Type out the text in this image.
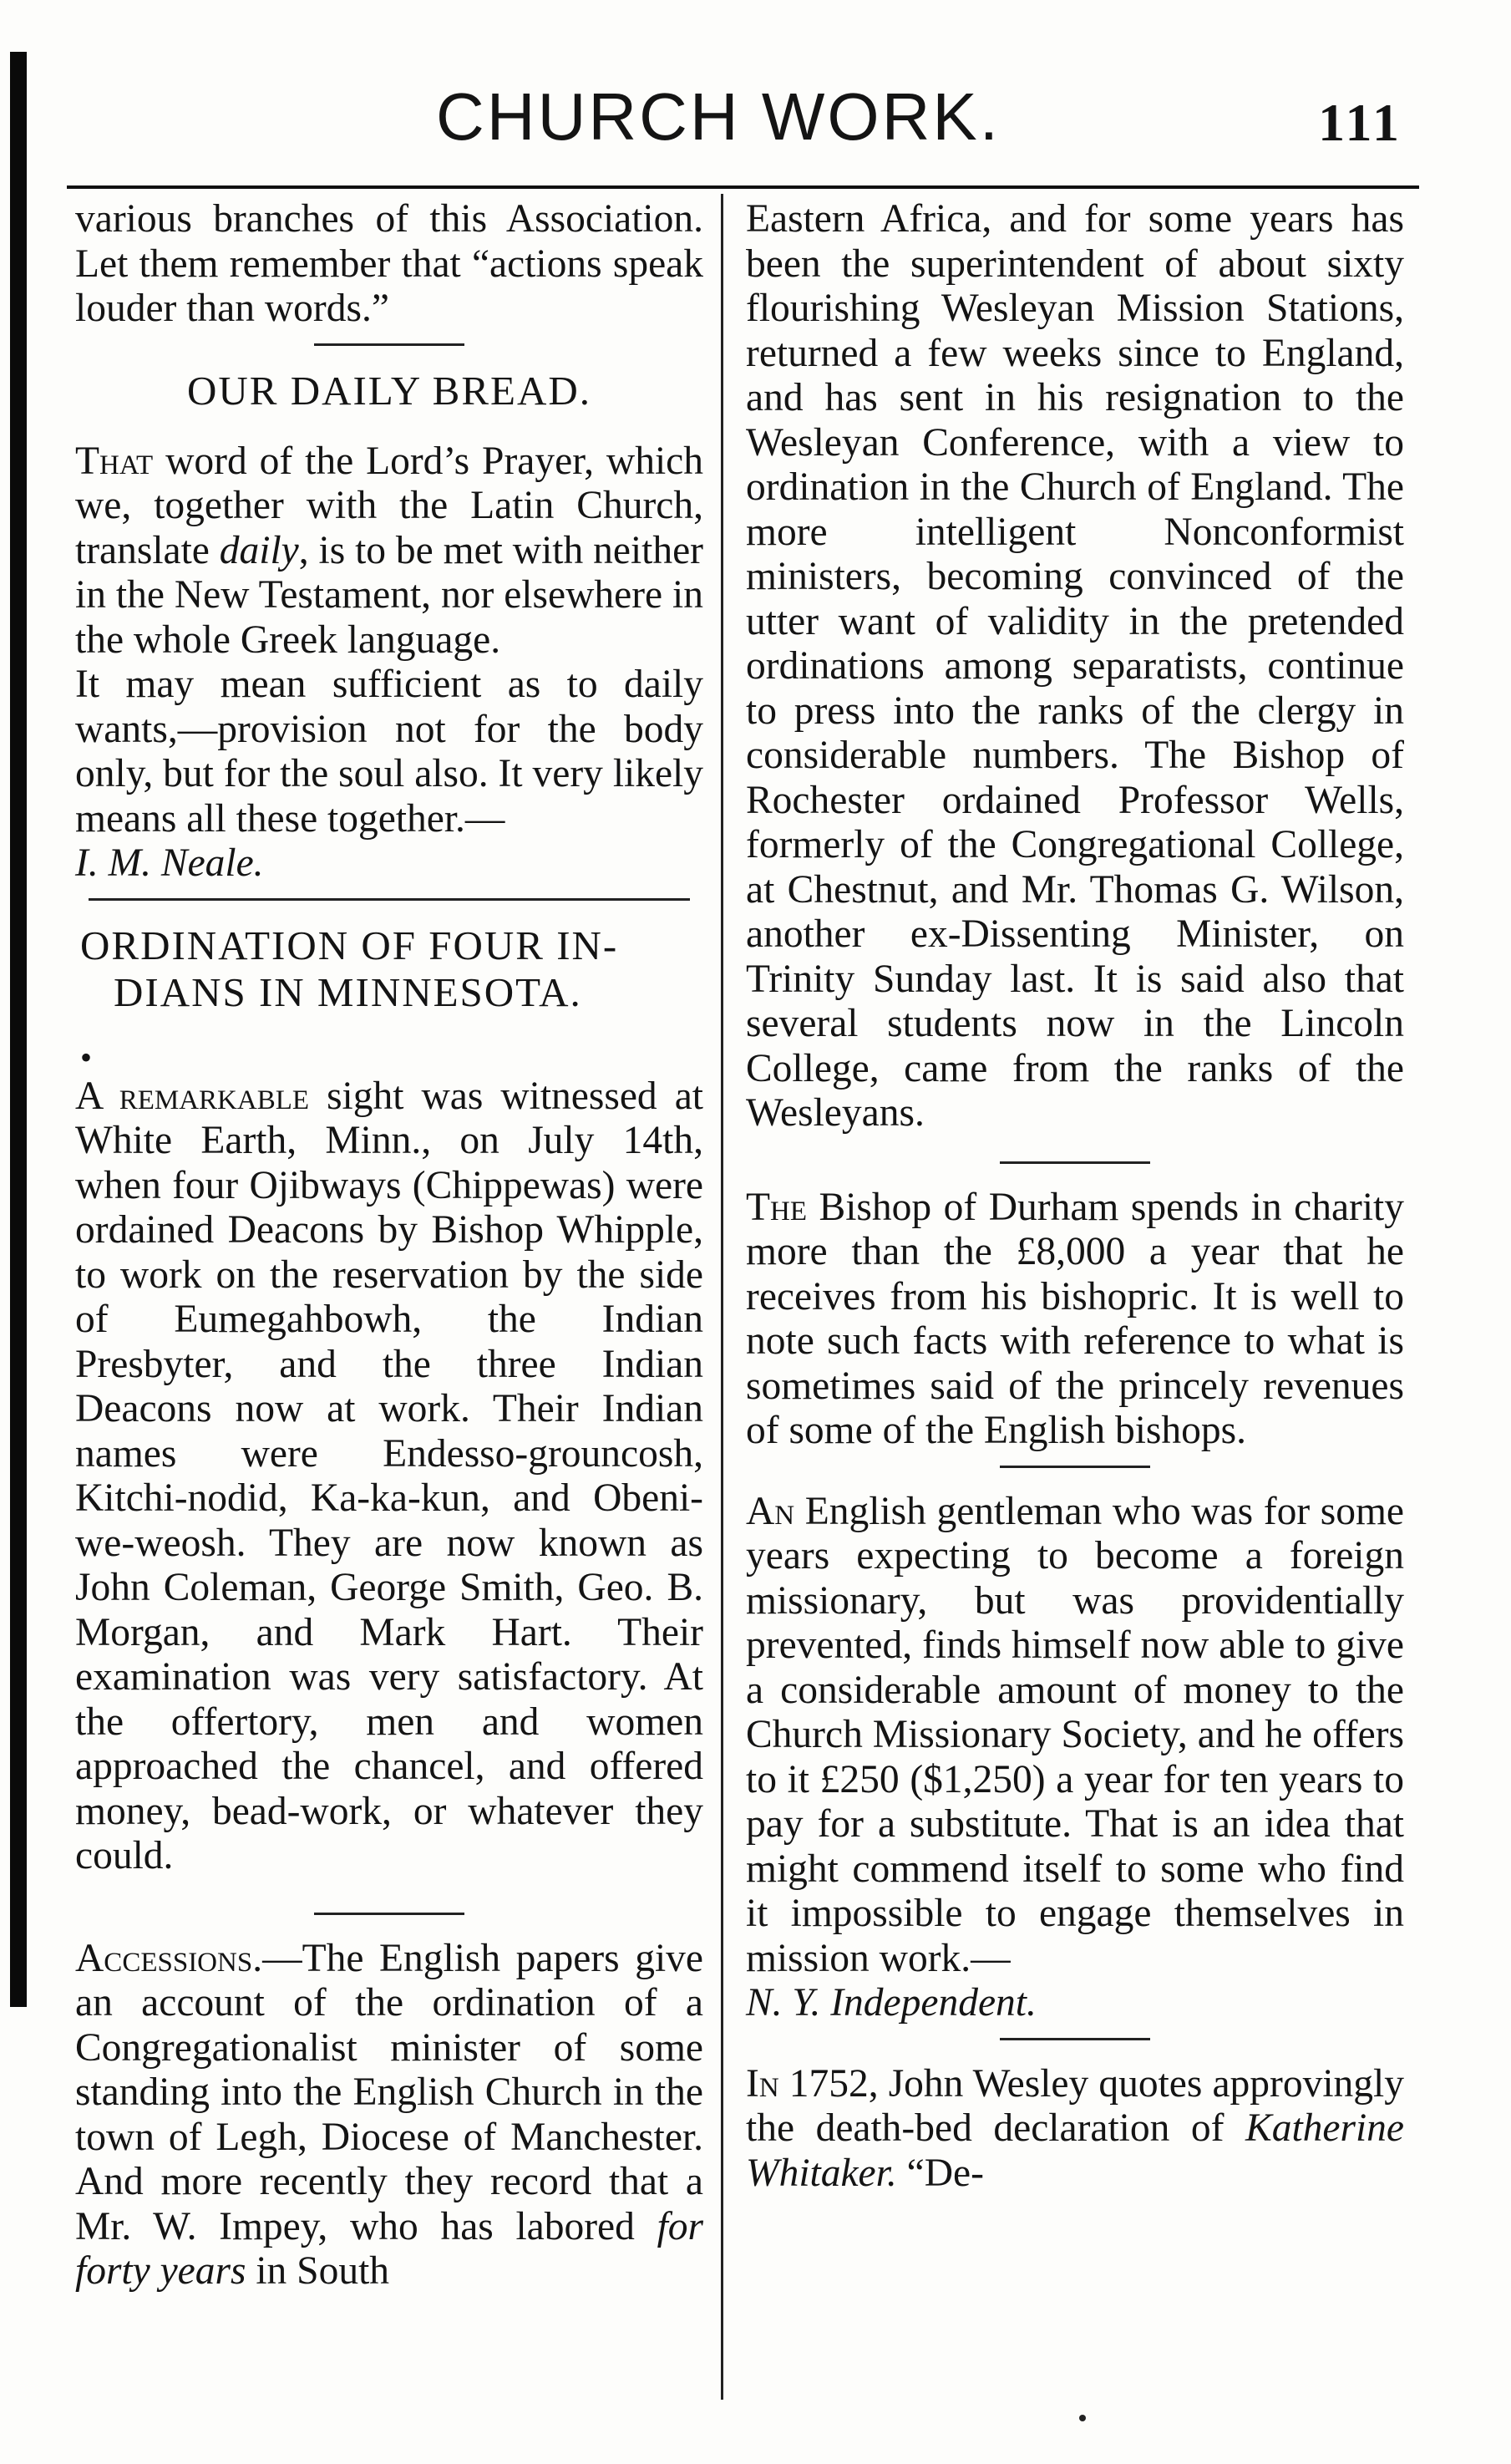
CHURCH WORK.	111

various branches of this Association. Let them remember that “actions speak louder than words.”

OUR DAILY BREAD.

That word of the Lord’s Prayer, which we, together with the Latin Church, translate daily, is to be met with neither in the New Testament, nor elsewhere in the whole Greek language.

It may mean sufficient as to daily wants,—provision not for the body only, but for the soul also. It very likely means all these together.—

I. M. Neale.

ORDINATION OF FOUR IN-
DIANS IN MINNESOTA.
•

A remarkable sight was witnessed at White Earth, Minn., on July 14th, when four Ojibways (Chippewas) were ordained Deacons by Bishop Whipple, to work on the reservation by the side of Eumegahbowh, the Indian Presbyter, and the three Indian Deacons now at work. Their Indian names were Endesso-grouncosh, Kitchi-nodid, Ka-ka-kun, and Obeni-we-weosh. They are now known as John Coleman, George Smith, Geo. B. Morgan, and Mark Hart. Their examination was very satisfactory. At the offertory, men and women approached the chancel, and offered money, bead-work, or whatever they could.

Accessions.—The English papers give an account of the ordination of a Congregationalist minister of some standing into the English Church in the town of Legh, Diocese of Manchester. And more recently they record that a Mr. W. Impey, who has labored for forty years in South

Eastern Africa, and for some years has been the superintendent of about sixty flourishing Wesleyan Mission Stations, returned a few weeks since to England, and has sent in his resignation to the Wesleyan Conference, with a view to ordination in the Church of England. The more intelligent Nonconformist ministers, becoming convinced of the utter want of validity in the pretended ordinations among separatists, continue to press into the ranks of the clergy in considerable numbers. The Bishop of Rochester ordained Professor Wells, formerly of the Congregational College, at Chestnut, and Mr. Thomas G. Wilson, another ex-Dissenting Minister, on Trinity Sunday last. It is said also that several students now in the Lincoln College, came from the ranks of the Wesleyans.

The Bishop of Durham spends in charity more than the £8,000 a year that he receives from his bishopric. It is well to note such facts with reference to what is sometimes said of the princely revenues of some of the English bishops.

An English gentleman who was for some years expecting to become a foreign missionary, but was providentially prevented, finds himself now able to give a considerable amount of money to the Church Missionary Society, and he offers to it £250 ($1,250) a year for ten years to pay for a substitute. That is an idea that might commend itself to some who find it impossible to engage themselves in mission work.—

N. Y. Independent.

In 1752, John Wesley quotes approvingly the death-bed declaration of Katherine Whitaker. “De-
